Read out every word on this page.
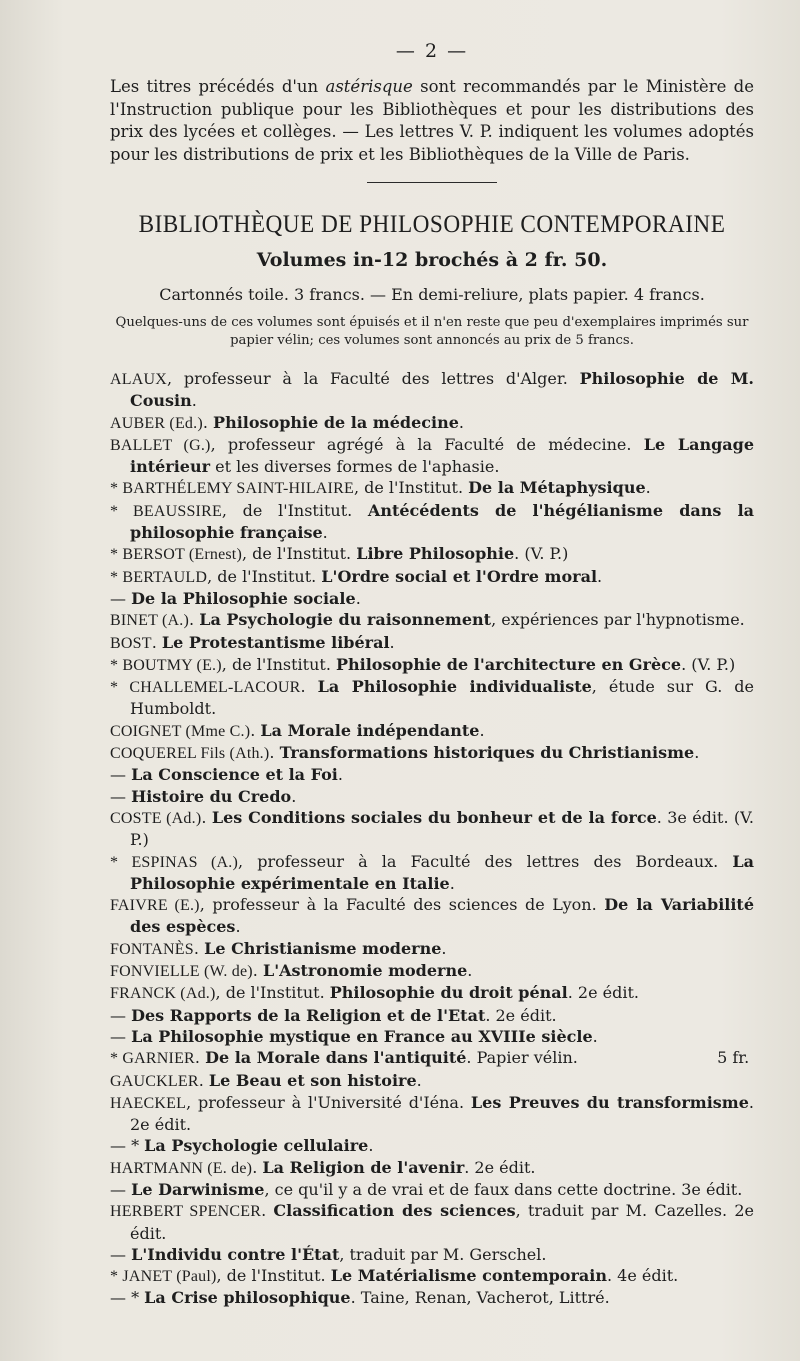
— 2 —

Les titres précédés d'un astérisque sont recommandés par le Ministère de l'Instruction publique pour les Bibliothèques et pour les distributions des prix des lycées et collèges. — Les lettres V. P. indiquent les volumes adoptés pour les distributions de prix et les Bibliothèques de la Ville de Paris.

BIBLIOTHÈQUE DE PHILOSOPHIE CONTEMPORAINE
Volumes in-12 brochés à 2 fr. 50.
Cartonnés toile. 3 francs. — En demi-reliure, plats papier. 4 francs.
Quelques-uns de ces volumes sont épuisés et il n'en reste que peu d'exemplaires imprimés sur papier vélin; ces volumes sont annoncés au prix de 5 francs.

ALAUX, professeur à la Faculté des lettres d'Alger. Philosophie de M. Cousin.

AUBER (Ed.). Philosophie de la médecine.

BALLET (G.), professeur agrégé à la Faculté de médecine. Le Langage intérieur et les diverses formes de l'aphasie.

* BARTHÉLEMY SAINT-HILAIRE, de l'Institut. De la Métaphysique.

* BEAUSSIRE, de l'Institut. Antécédents de l'hégélianisme dans la philosophie française.

* BERSOT (Ernest), de l'Institut. Libre Philosophie. (V. P.)

* BERTAULD, de l'Institut. L'Ordre social et l'Ordre moral.

— De la Philosophie sociale.

BINET (A.). La Psychologie du raisonnement, expériences par l'hypnotisme.

BOST. Le Protestantisme libéral.

* BOUTMY (E.), de l'Institut. Philosophie de l'architecture en Grèce. (V. P.)

* CHALLEMEL-LACOUR. La Philosophie individualiste, étude sur G. de Humboldt.

COIGNET (Mme C.). La Morale indépendante.

COQUEREL Fils (Ath.). Transformations historiques du Christianisme.

— La Conscience et la Foi.

— Histoire du Credo.

COSTE (Ad.). Les Conditions sociales du bonheur et de la force. 3e édit. (V. P.)

* ESPINAS (A.), professeur à la Faculté des lettres des Bordeaux. La Philosophie expérimentale en Italie.

FAIVRE (E.), professeur à la Faculté des sciences de Lyon. De la Variabilité des espèces.

FONTANÈS. Le Christianisme moderne.

FONVIELLE (W. de). L'Astronomie moderne.

FRANCK (Ad.), de l'Institut. Philosophie du droit pénal. 2e édit.

— Des Rapports de la Religion et de l'Etat. 2e édit.

— La Philosophie mystique en France au XVIIIe siècle.

* GARNIER. De la Morale dans l'antiquité. Papier vélin.	5 fr.

GAUCKLER. Le Beau et son histoire.

HAECKEL, professeur à l'Université d'Iéna. Les Preuves du transformisme. 2e édit.

— * La Psychologie cellulaire.

HARTMANN (E. de). La Religion de l'avenir. 2e édit.

— Le Darwinisme, ce qu'il y a de vrai et de faux dans cette doctrine. 3e édit.

HERBERT SPENCER. Classification des sciences, traduit par M. Cazelles. 2e édit.

— L'Individu contre l'État, traduit par M. Gerschel.

* JANET (Paul), de l'Institut. Le Matérialisme contemporain. 4e édit.

— * La Crise philosophique. Taine, Renan, Vacherot, Littré.
